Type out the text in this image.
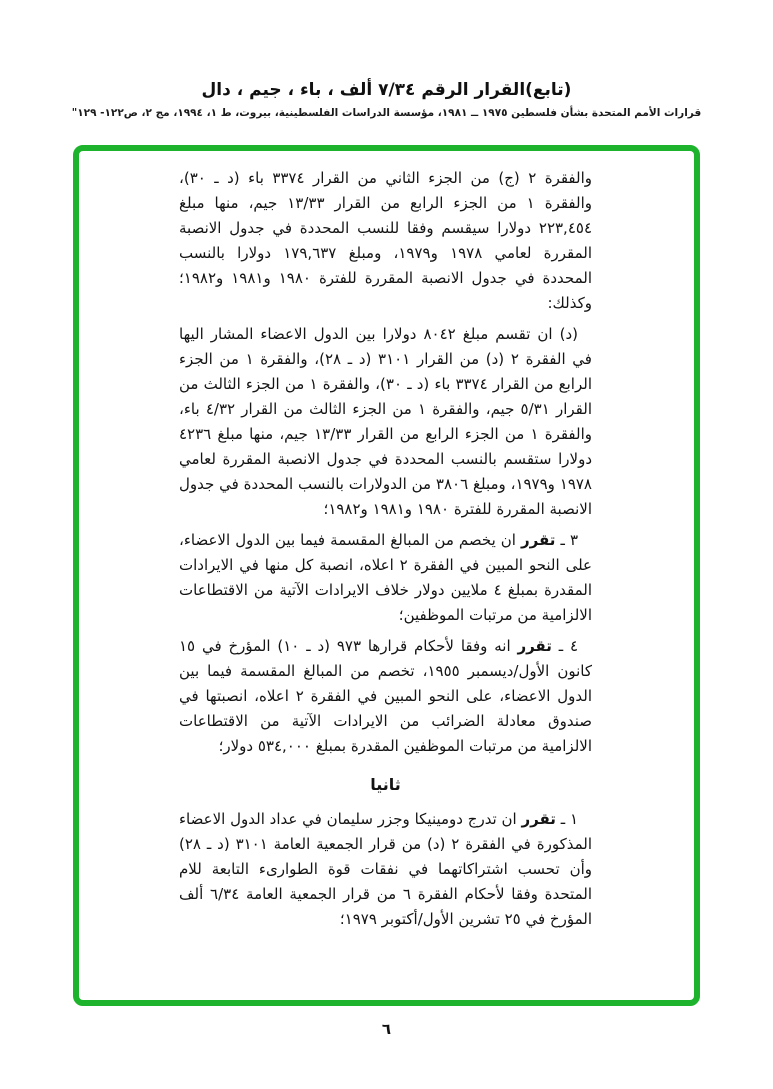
(تابع)القرار الرقم ٧/٣٤ ألف ، باء ، جيم ، دال
قرارات الأمم المتحدة بشأن فلسطين ١٩٧٥ ــ ١٩٨١، مؤسسة الدراسات الفلسطينية، بيروت، ط ١، ١٩٩٤، مج ٢، ص١٢٢- ١٢٩"

والفقرة ٢ (ج) من الجزء الثاني من القرار ٣٣٧٤ باء (د ـ ٣٠)، والفقرة ١ من الجزء الرابع من القرار ١٣/٣٣ جيم، منها مبلغ ٢٢٣,٤٥٤ دولارا سيقسم وفقا للنسب المحددة في جدول الانصبة المقررة لعامي ١٩٧٨ و١٩٧٩، ومبلغ ١٧٩,٦٣٧ دولارا بالنسب المحددة في جدول الانصبة المقررة للفترة ١٩٨٠ و١٩٨١ و١٩٨٢؛ وكذلك:

(د) ان تقسم مبلغ ٨٠٤٢ دولارا بين الدول الاعضاء المشار اليها في الفقرة ٢ (د) من القرار ٣١٠١ (د ـ ٢٨)، والفقرة ١ من الجزء الرابع من القرار ٣٣٧٤ باء (د ـ ٣٠)، والفقرة ١ من الجزء الثالث من القرار ٥/٣١ جيم، والفقرة ١ من الجزء الثالث من القرار ٤/٣٢ باء، والفقرة ١ من الجزء الرابع من القرار ١٣/٣٣ جيم، منها مبلغ ٤٢٣٦ دولارا ستقسم بالنسب المحددة في جدول الانصبة المقررة لعامي ١٩٧٨ و١٩٧٩، ومبلغ ٣٨٠٦ من الدولارات بالنسب المحددة في جدول الانصبة المقررة للفترة ١٩٨٠ و١٩٨١ و١٩٨٢؛

٣ ـ تقرر ان يخصم من المبالغ المقسمة فيما بين الدول الاعضاء، على النحو المبين في الفقرة ٢ اعلاه، انصبة كل منها في الايرادات المقدرة بمبلغ ٤ ملايين دولار خلاف الايرادات الآتية من الاقتطاعات الالزامية من مرتبات الموظفين؛

٤ ـ تقرر انه وفقا لأحكام قرارها ٩٧٣ (د ـ ١٠) المؤرخ في ١٥ كانون الأول/ديسمبر ١٩٥٥، تخصم من المبالغ المقسمة فيما بين الدول الاعضاء، على النحو المبين في الفقرة ٢ اعلاه، انصبتها في صندوق معادلة الضرائب من الايرادات الآتية من الاقتطاعات الالزامية من مرتبات الموظفين المقدرة بمبلغ ٥٣٤,٠٠٠ دولار؛

ثانيا

١ ـ تقرر ان تدرج دومينيكا وجزر سليمان في عداد الدول الاعضاء المذكورة في الفقرة ٢ (د) من قرار الجمعية العامة ٣١٠١ (د ـ ٢٨) وأن تحسب اشتراكاتهما في نفقات قوة الطوارىء التابعة للام المتحدة وفقا لأحكام الفقرة ٦ من قرار الجمعية العامة ٦/٣٤ ألف المؤرخ في ٢٥ تشرين الأول/أكتوبر ١٩٧٩؛

٦
